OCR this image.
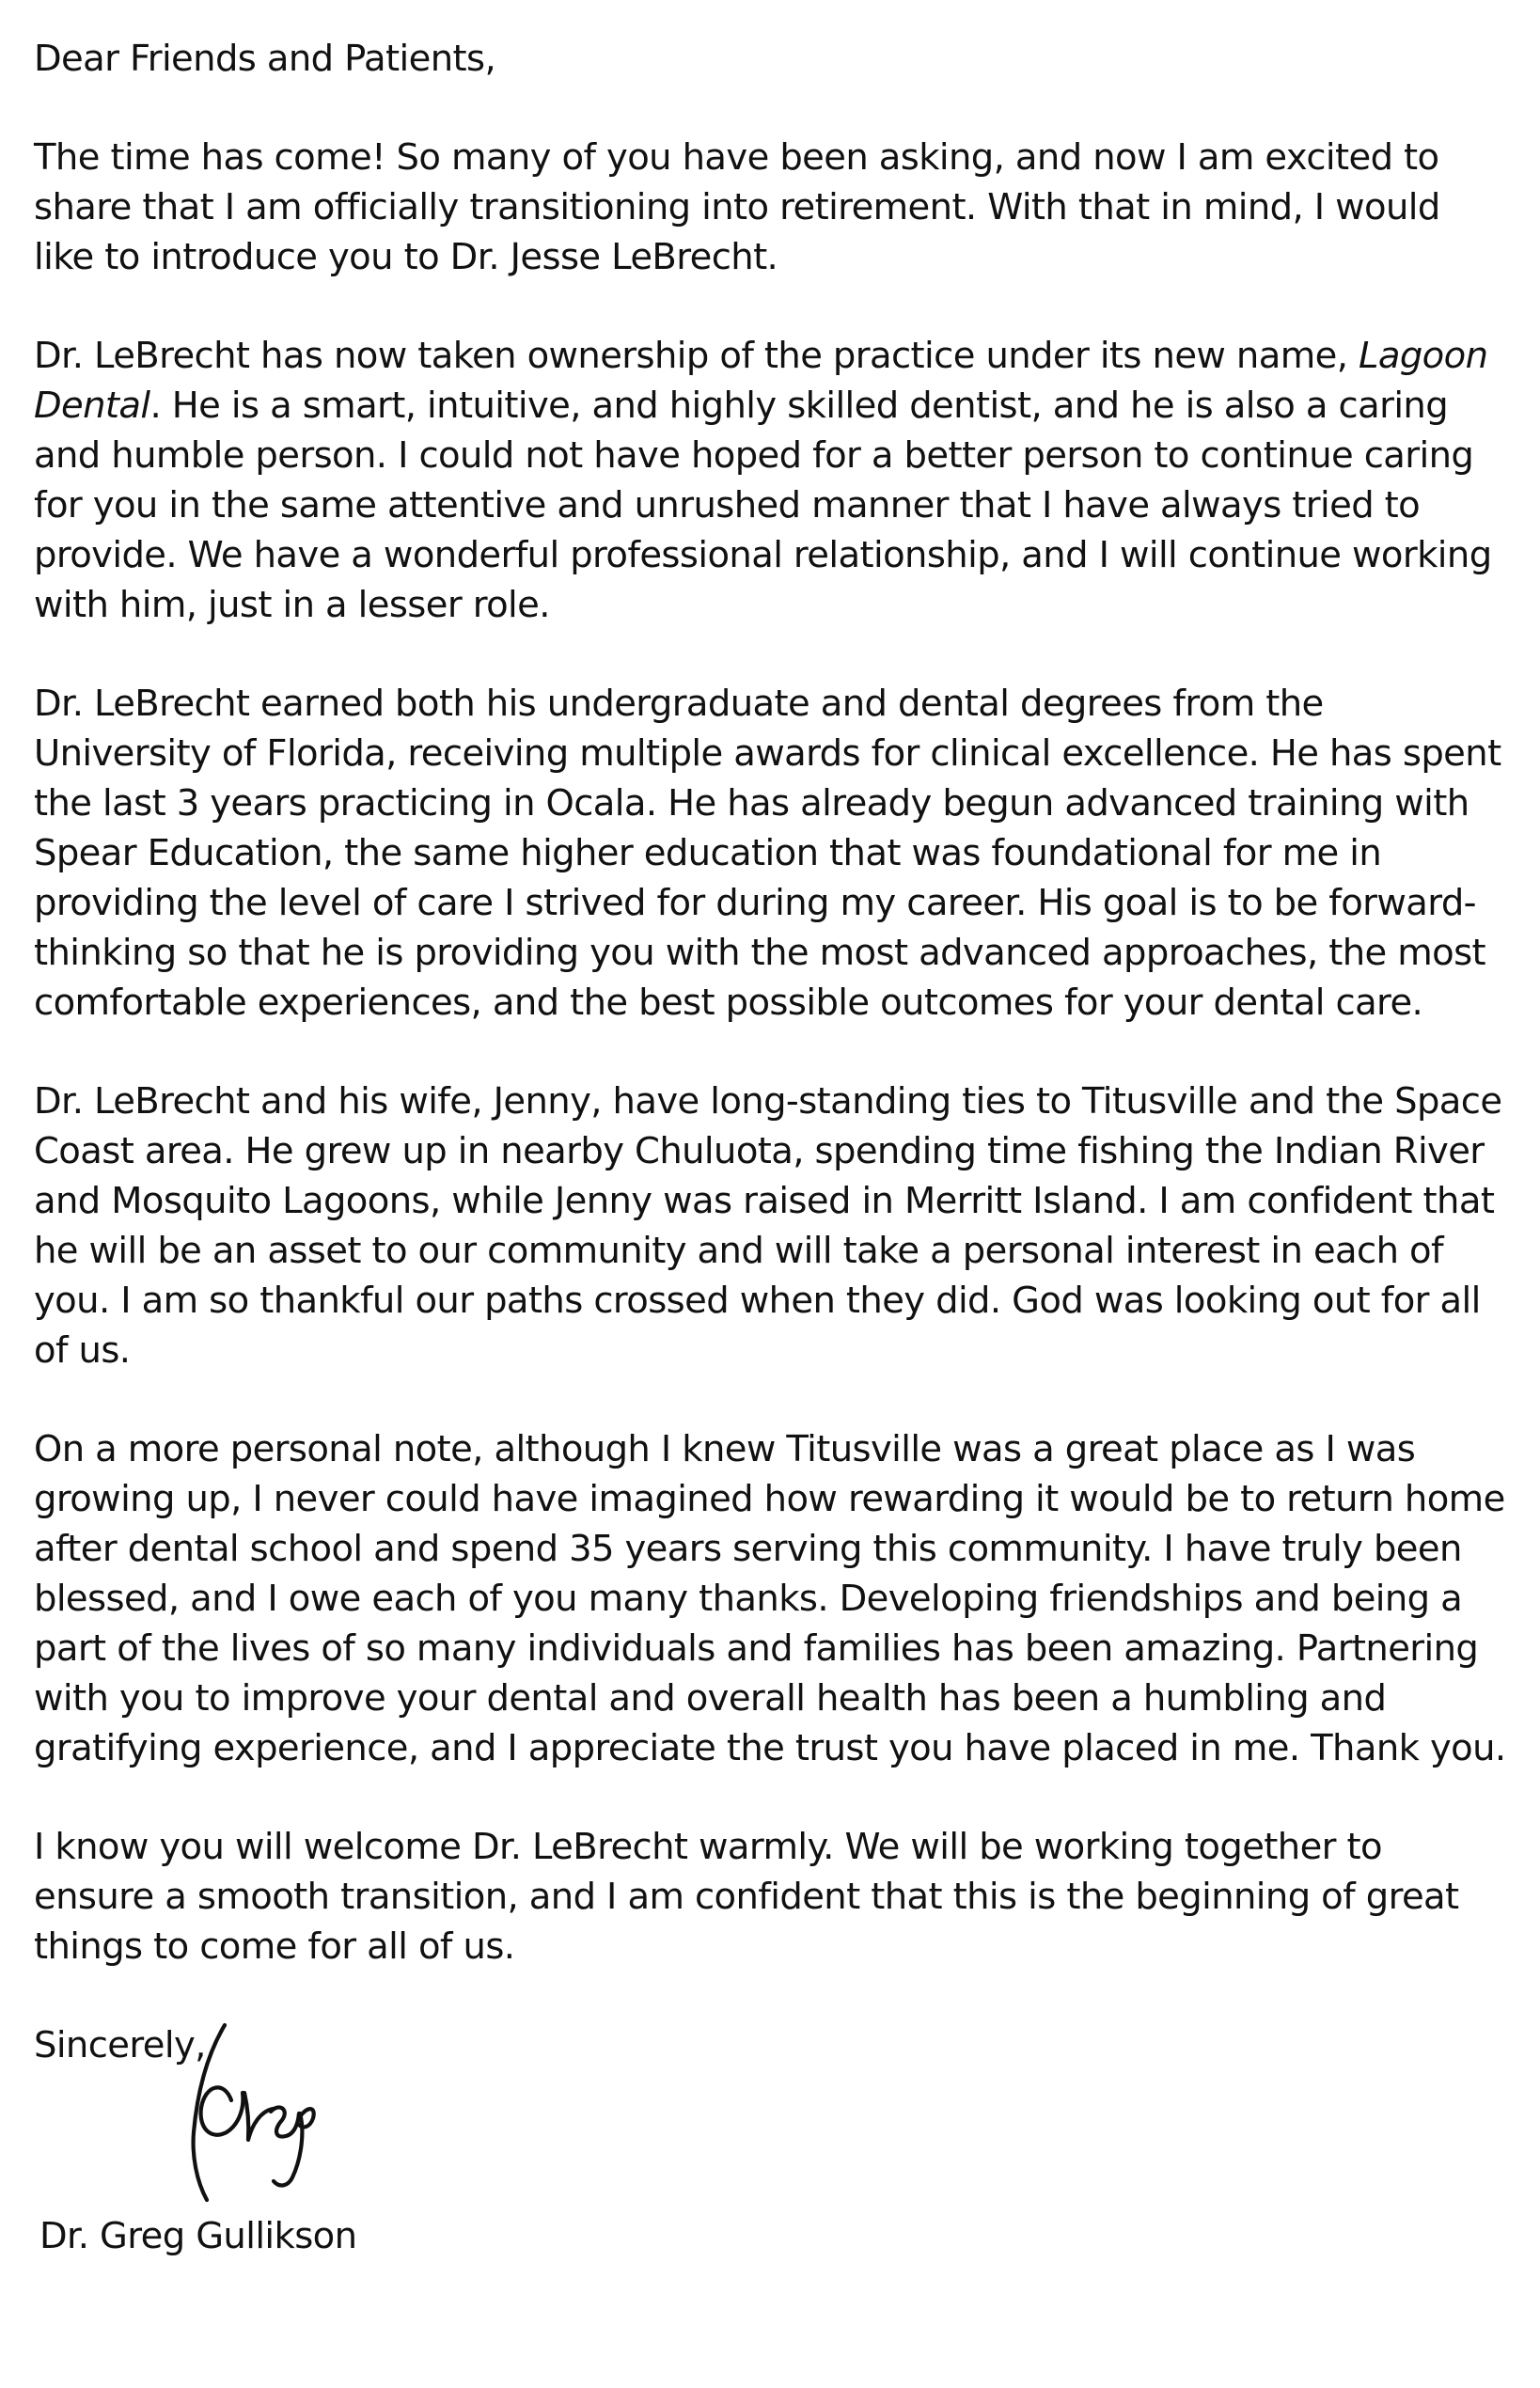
Dear Friends and Patients,

The time has come! So many of you have been asking, and now I am excited to share that I am officially transitioning into retirement. With that in mind, I would like to introduce you to Dr. Jesse LeBrecht.

Dr. LeBrecht has now taken ownership of the practice under its new name, Lagoon Dental. He is a smart, intuitive, and highly skilled dentist, and he is also a caring and humble person. I could not have hoped for a better person to continue caring for you in the same attentive and unrushed manner that I have always tried to provide. We have a wonderful professional relationship, and I will continue working with him, just in a lesser role.

Dr. LeBrecht earned both his undergraduate and dental degrees from the University of Florida, receiving multiple awards for clinical excellence. He has spent the last 3 years practicing in Ocala. He has already begun advanced training with Spear Education, the same higher education that was foundational for me in providing the level of care I strived for during my career. His goal is to be forward-thinking so that he is providing you with the most advanced approaches, the most comfortable experiences, and the best possible outcomes for your dental care.

Dr. LeBrecht and his wife, Jenny, have long-standing ties to Titusville and the Space Coast area. He grew up in nearby Chuluota, spending time fishing the Indian River and Mosquito Lagoons, while Jenny was raised in Merritt Island. I am confident that he will be an asset to our community and will take a personal interest in each of you. I am so thankful our paths crossed when they did. God was looking out for all of us.

On a more personal note, although I knew Titusville was a great place as I was growing up, I never could have imagined how rewarding it would be to return home after dental school and spend 35 years serving this community. I have truly been blessed, and I owe each of you many thanks. Developing friendships and being a part of the lives of so many individuals and families has been amazing. Partnering with you to improve your dental and overall health has been a humbling and gratifying experience, and I appreciate the trust you have placed in me. Thank you.

I know you will welcome Dr. LeBrecht warmly. We will be working together to ensure a smooth transition, and I am confident that this is the beginning of great things to come for all of us.

Sincerely,

Dr. Greg Gullikson
